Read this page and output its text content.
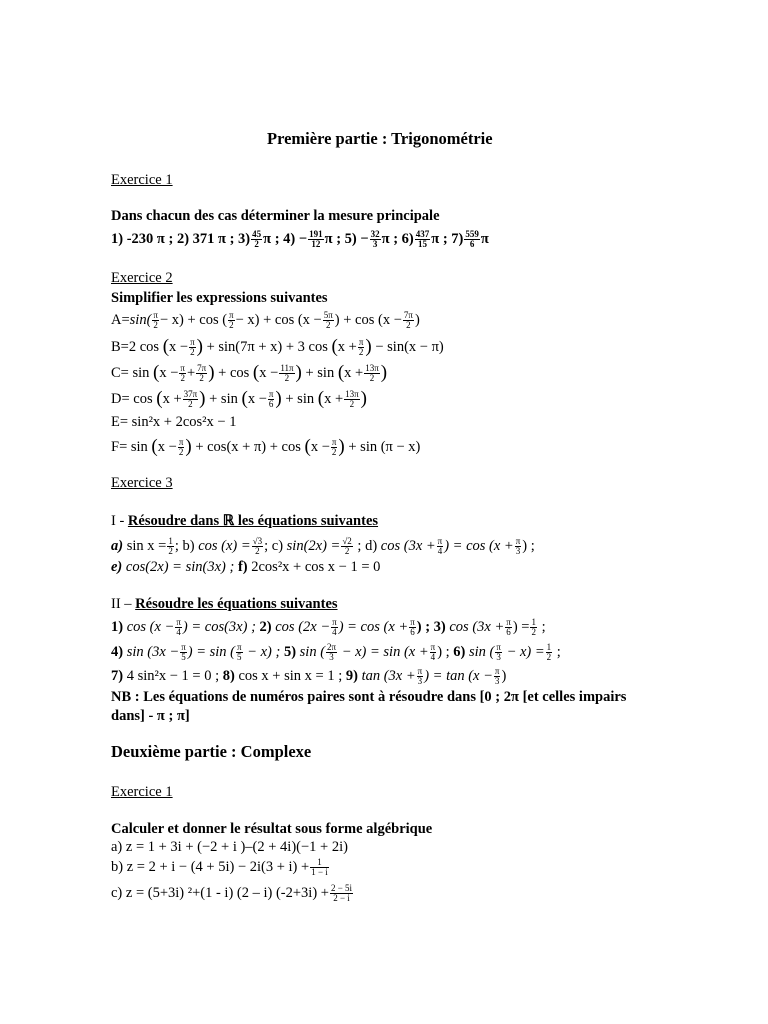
Première partie : Trigonométrie
Exercice 1
Dans chacun des cas déterminer la mesure principale
1) -230 π ; 2) 371 π ; $3) \frac{45}{2}$ π ; $4) - \frac{191}{12}$ π ; $5) - \frac{32}{3}$ π ; $6) \frac{437}{15}$ π ; $7) \frac{559}{6}$ π
Exercice 2
Simplifier les expressions suivantes
$A=\sin( \frac{\pi}{2} - x) + \cos$ ( $\frac{\pi}{2} - x) + \cos (x - \frac{5\pi}{2}$ ) + $\cos (x - \frac{7\pi}{2}$ )
B=2 $\cos (x - \frac{\pi}{2}$ ) + sin(7π + x) + 3 $\cos (x + \frac{\pi}{2}$ ) − sin(x − π)
$C= \sin (x - \frac{\pi}{2} + \frac{7\pi}{2}$ ) + $\cos (x - \frac{11\pi}{2}$ ) + $\sin (x + \frac{13\pi}{2}$ )
$D= \cos (x + \frac{37\pi}{2}$ ) + $\sin (x - \frac{\pi}{6}$ ) + $\sin (x + \frac{13\pi}{2}$ )
E= sin²x + 2cos²x − 1
$F= \sin (x - \frac{\pi}{2}$ ) + $\cos(x + \pi) + \cos (x - \frac{\pi}{2}$ ) + sin (π − x)
Exercice 3
I - Résoudre dans ℝ les équations suivantes
a) $\sin x = \frac{1}{2}$ ; b) $\cos (x) = \frac{√3}{2}$ ; c) $\sin(2x) = \frac{√2}{2}$ ; d) $\cos (3x + \frac{\pi}{4}$ ) = $\cos (x + \frac{\pi}{3}$ ) ;
e) cos(2x) = sin(3x) ; f) 2cos²x + cos x − 1 = 0
II – Résoudre les équations suivantes
1) $\cos (x - \frac{\pi}{4}$ ) = cos(3x) ; 2) $\cos (2x - \frac{\pi}{4}$ ) = $\cos (x + \frac{\pi}{6}$ ) ; 3) $\cos (3x + \frac{\pi}{6}$ ) = $\frac{1}{2}$ ;
4) $\sin (3x - \frac{\pi}{5}$ ) = sin ( $\frac{\pi}{5} - x$) ; 5) sin ( $\frac{2\pi}{3} - x) = \sin (x + \frac{\pi}{4}$ ) ; 6) sin ( $\frac{\pi}{3} - x) = \frac{1}{2}$ ;
7) 4 sin²x − 1 = 0 ; 8) cos x + sin x = 1 ; 9) $\tan (3x + \frac{\pi}{3}$ ) = $\tan (x - \frac{\pi}{3}$ )
NB : Les équations de numéros paires sont à résoudre dans [0 ; 2π [et celles impairs
dans] - π ; π]
Deuxième partie : Complexe
Exercice 1
Calculer et donner le résultat sous forme algébrique
a) z = 1 + 3i + (−2 + i )–(2 + 4i)(−1 + 2i)
b) $z = 2 + i - (4 + 5i) - 2i(3 + i) + \frac{1}{1 - i}$
c) z = (5+3i) ²+(1 - i) (2 – i) $(-2+3i) + \frac{2 - 5i}{2 - i}$
